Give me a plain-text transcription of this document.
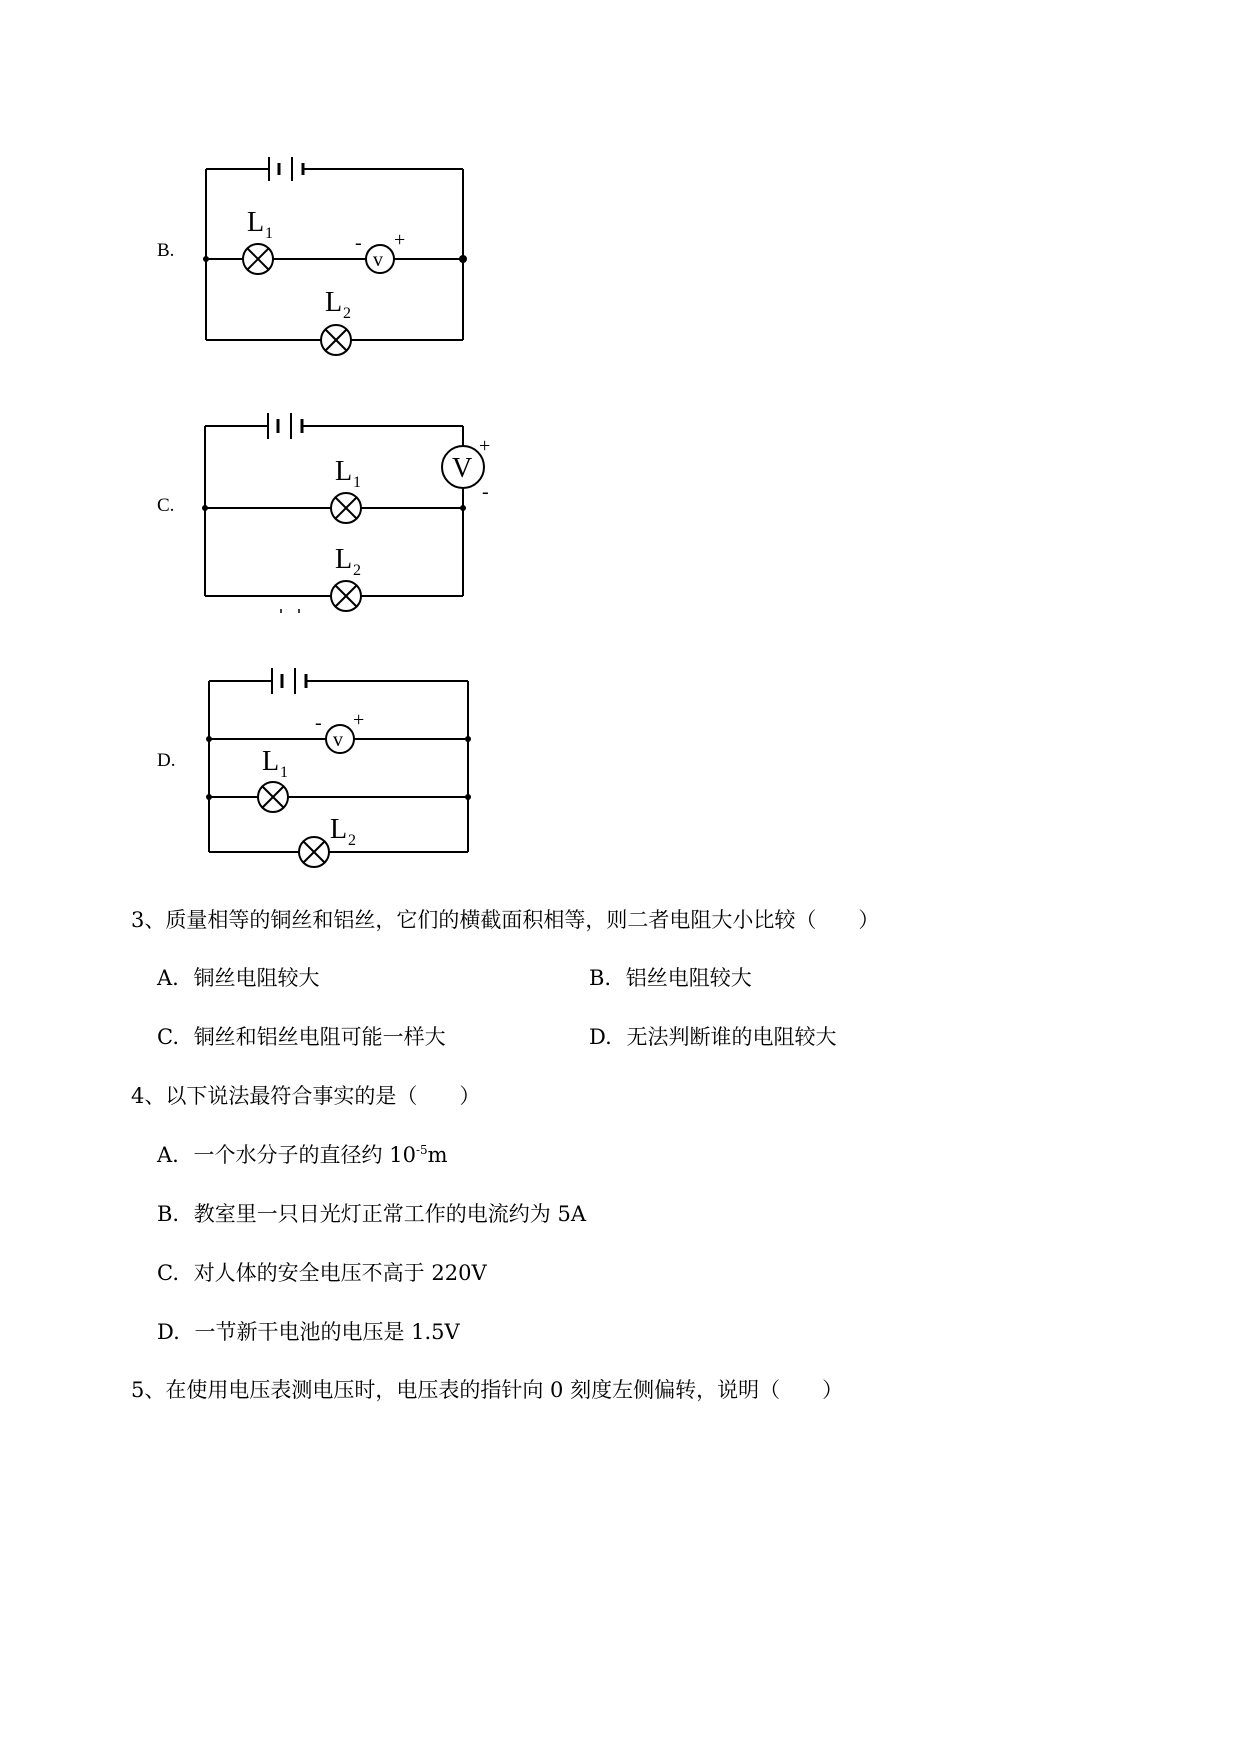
B.
L 1
L 2
v
- +
C.
L 1
L 2
V
+
-
D.
v
- +
L 1
L 2
3、质量相等的铜丝和铝丝，它们的横截面积相等，则二者电阻大小比较（　　）
A. 铜丝电阻较大	B. 铝丝电阻较大
C. 铜丝和铝丝电阻可能一样大	D. 无法判断谁的电阻较大
4、以下说法最符合事实的是（　　）
A. 一个水分子的直径约 $10^{-5}m$
B. 教室里一只日光灯正常工作的电流约为 5A
C. 对人体的安全电压不高于 220V
D. 一节新干电池的电压是 1.5V
5、在使用电压表测电压时，电压表的指针向 0 刻度左侧偏转，说明（　　）
